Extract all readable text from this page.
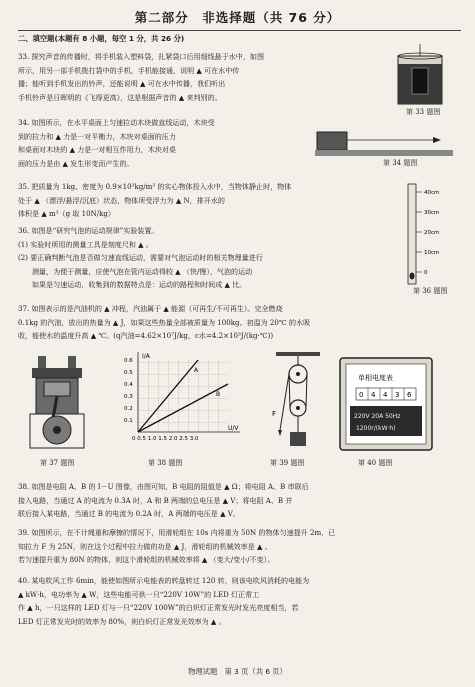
第二部分　非选择题（共 76 分）
二、填空题(本题有 8 小题，每空 1 分，共 26 分)
33. 探究声音的传播时，将手机装入塑料袋，扎紧袋口后用细线悬于水中，如图
所示，用另一部手机拨打袋中的手机，手机能接通，说明 ▲ 可在水中传
播；能听到手机发出的铃声，还能说明 ▲ 可在水中传播，我们听出
手机铃声是日晖明的《飞得更高》，这是根据声音的 ▲ 来判别的。
第 33 题图
34. 如图所示，在水平桌面上匀速拉动木块做直线运动，木块受
到的拉力和 ▲ 力是一对平衡力，木块对桌面的压力
和桌面对木块的 ▲ 力是一对相互作用力，木块对桌
面的压力是由 ▲ 发生形变而产生的。	第 34 题图
35. 把质量为 1kg、密度为 0.9×10³kg/m³ 的实心物体投入水中，当物体静止时，物体
处于 ▲ （漂浮/悬浮/沉底）状态，物体所受浮力为 ▲ N，排开水的
体积是 ▲ m³（g 取 10N/kg）
36. 如图是“研究气泡的运动规律”实验装置。
(1) 实验时所用的测量工具是刻度尺和 ▲ 。
(2) 要正确判断气泡是否做匀速直线运动，需要对气泡运动时的相关物理量进行
测量，为便于测量，应使气泡在管内运动得较 ▲ （快/慢），气泡的运动
如果是匀速运动，收集到的数据特点是：运动的路程和时间成 ▲ 比。
40cm
30cm
20cm
10cm
0
第 36 题图
37. 如图表示的是汽油机的 ▲ 冲程，汽油属于 ▲ 能源（可再生/不可再生）。完全燃烧
0.1kg 的汽油，放出的热量为 ▲ J，如果这些热量全部被质量为 100kg、初温为 20℃ 的水吸
收，能使水的温度升高 ▲ ℃。(q汽油=4.62×10⁷J/kg，c水=4.2×10³J/(kg·℃))
第 37 题图
I/A
U/V
0.6
0.5
0.4
0.3
0.2
0.1
0 0.5 1.0 1.5 2.0 2.5 3.0
A
B
第 38 题图
F
第 39 题图
单相电度表
0 4 4 3 6
220V 20A 50Hz
1200r/(kW·h)
第 40 题图
38. 如图是电阻 A、B 的 I－U 图像，由图可知，B 电阻的阻值是 ▲ Ω；将电阻 A、B 串联后
接入电路，当通过 A 的电流为 0.3A 时，A 和 B 两端的总电压是 ▲ V；将电阻 A、B 并
联后接入某电路，当通过 B 的电流为 0.2A 时，A 两端的电压是 ▲ V。
39. 如图所示，在不计绳重和摩擦的情况下，用滑轮组在 10s 内将重为 50N 的物体匀速提升 2m，已
知拉力 F 为 25N，则在这个过程中拉力做的功是 ▲ J，滑轮组的机械效率是 ▲ 。
若匀速提升重为 80N 的物体，则这个滑轮组的机械效率将 ▲ （变大/变小/不变）。
40. 某电吹风工作 6min，能使如图所示电能表的转盘转过 120 转，则该电吹风消耗的电能为
▲ kW·h，电功率为 ▲ W，这些电能可供一只“220V 10W”的 LED 灯正常工
作 ▲ h，一只这样的 LED 灯与一只“220V 100W”的白炽灯正常发光时发光亮度相当，若
LED 灯正常发光时的效率为 80%，则白炽灯正常发光效率为 ▲ 。
物理试题　第 3 页（共 6 页）
